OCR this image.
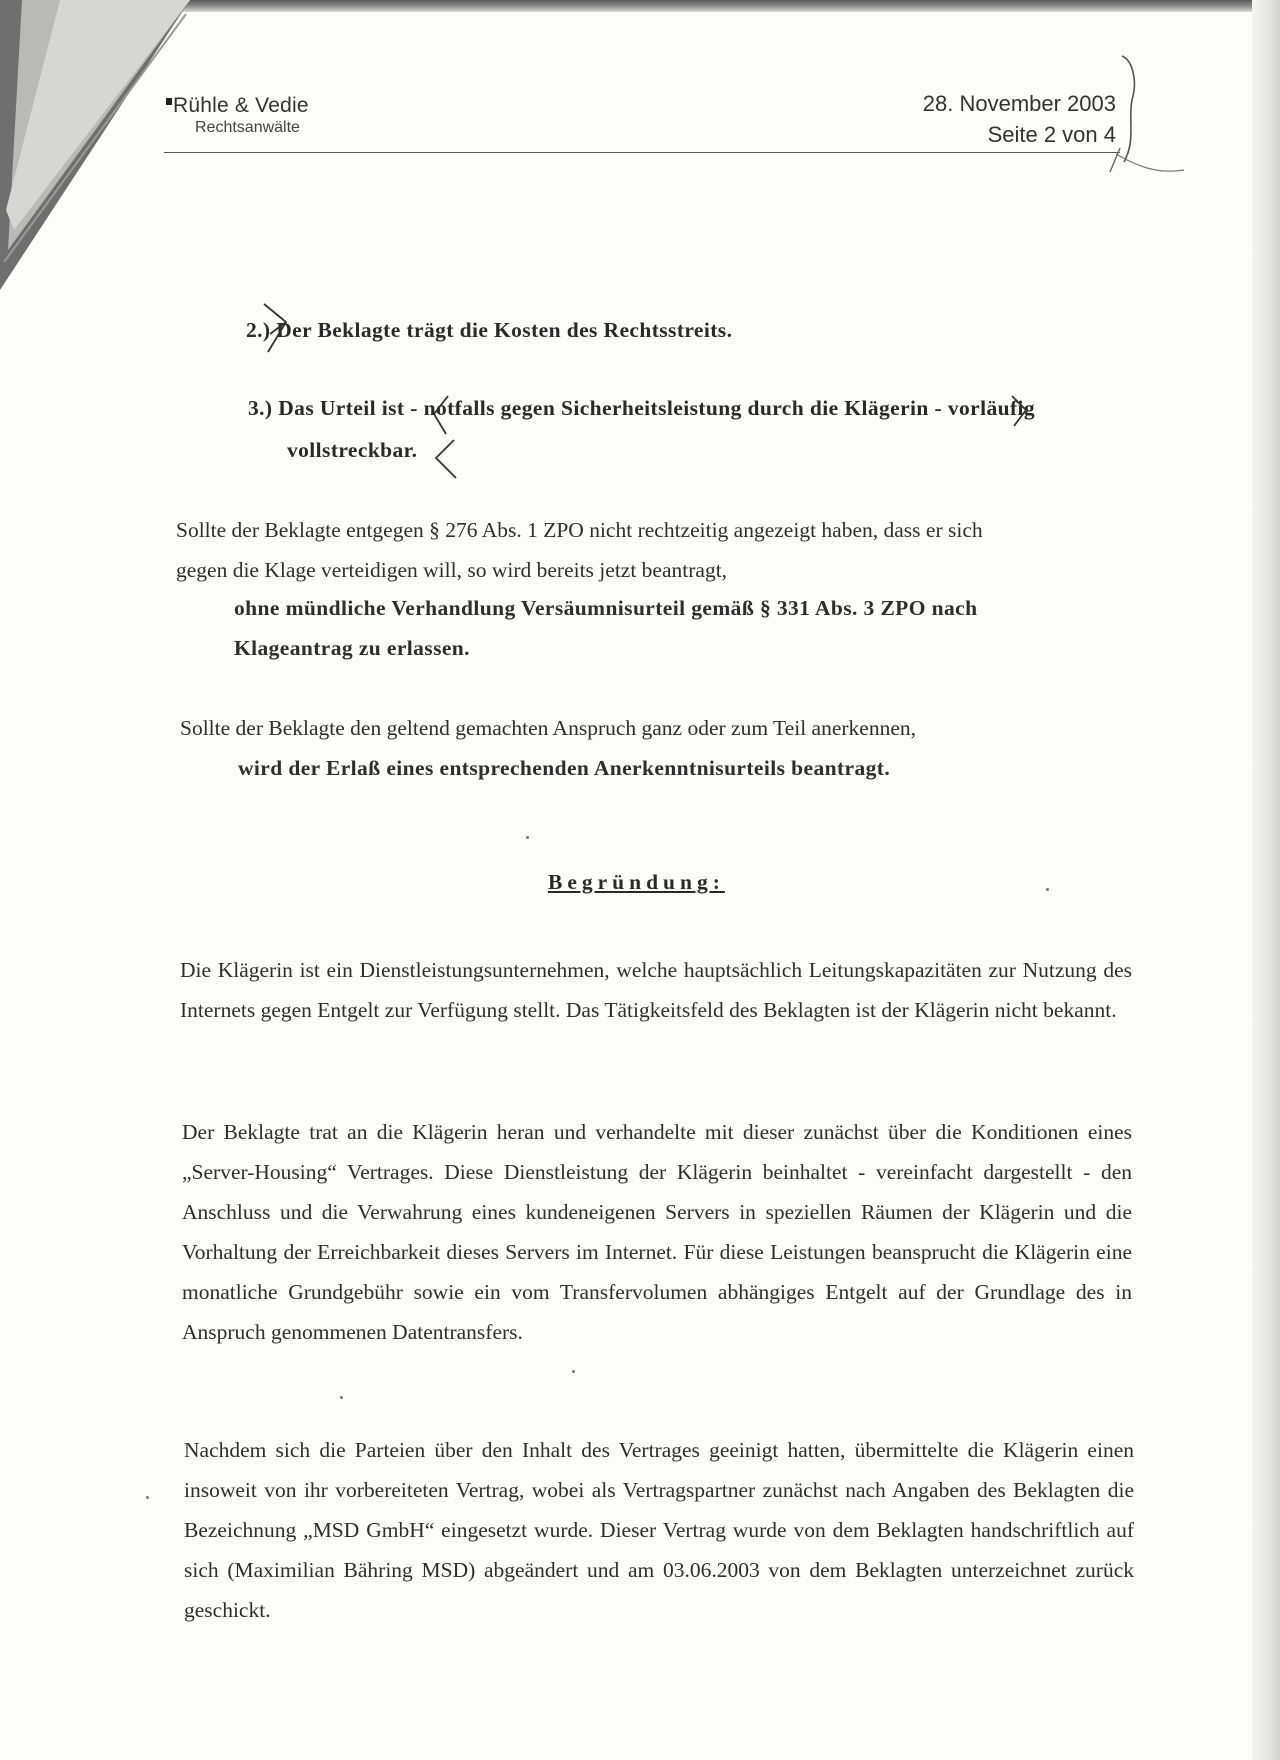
Rühle & Vedie
Rechtsanwälte
28. November 2003
Seite 2 von 4
2.) Der Beklagte trägt die Kosten des Rechtsstreits.
3.) Das Urteil ist - notfalls gegen Sicherheitsleistung durch die Klägerin - vorläufig
vollstreckbar.
Sollte der Beklagte entgegen § 276 Abs. 1 ZPO nicht rechtzeitig angezeigt haben, dass er sich
gegen die Klage verteidigen will, so wird bereits jetzt beantragt,
ohne mündliche Verhandlung Versäumnisurteil gemäß § 331 Abs. 3 ZPO nach
Klageantrag zu erlassen.
Sollte der Beklagte den geltend gemachten Anspruch ganz oder zum Teil anerkennen,
wird der Erlaß eines entsprechenden Anerkenntnisurteils beantragt.
Begründung:
Die Klägerin ist ein Dienstleistungsunternehmen, welche hauptsächlich Leitungskapazitäten zur Nutzung des Internets gegen Entgelt zur Verfügung stellt. Das Tätigkeitsfeld des Beklagten ist der Klägerin nicht bekannt.
Der Beklagte trat an die Klägerin heran und verhandelte mit dieser zunächst über die Konditionen eines „Server-Housing“ Vertrages. Diese Dienstleistung der Klägerin beinhaltet - vereinfacht dargestellt - den Anschluss und die Verwahrung eines kundeneigenen Servers in speziellen Räumen der Klägerin und die Vorhaltung der Erreichbarkeit dieses Servers im Internet. Für diese Leistungen beansprucht die Klägerin eine monatliche Grundgebühr sowie ein vom Transfervolumen abhängiges Entgelt auf der Grundlage des in Anspruch genommenen Datentransfers.
Nachdem sich die Parteien über den Inhalt des Vertrages geeinigt hatten, übermittelte die Klägerin einen insoweit von ihr vorbereiteten Vertrag, wobei als Vertragspartner zunächst nach Angaben des Beklagten die Bezeichnung „MSD GmbH“ eingesetzt wurde. Dieser Vertrag wurde von dem Beklagten handschriftlich auf sich (Maximilian Bähring MSD) abgeändert und am 03.06.2003 von dem Beklagten unterzeichnet zurück geschickt.
